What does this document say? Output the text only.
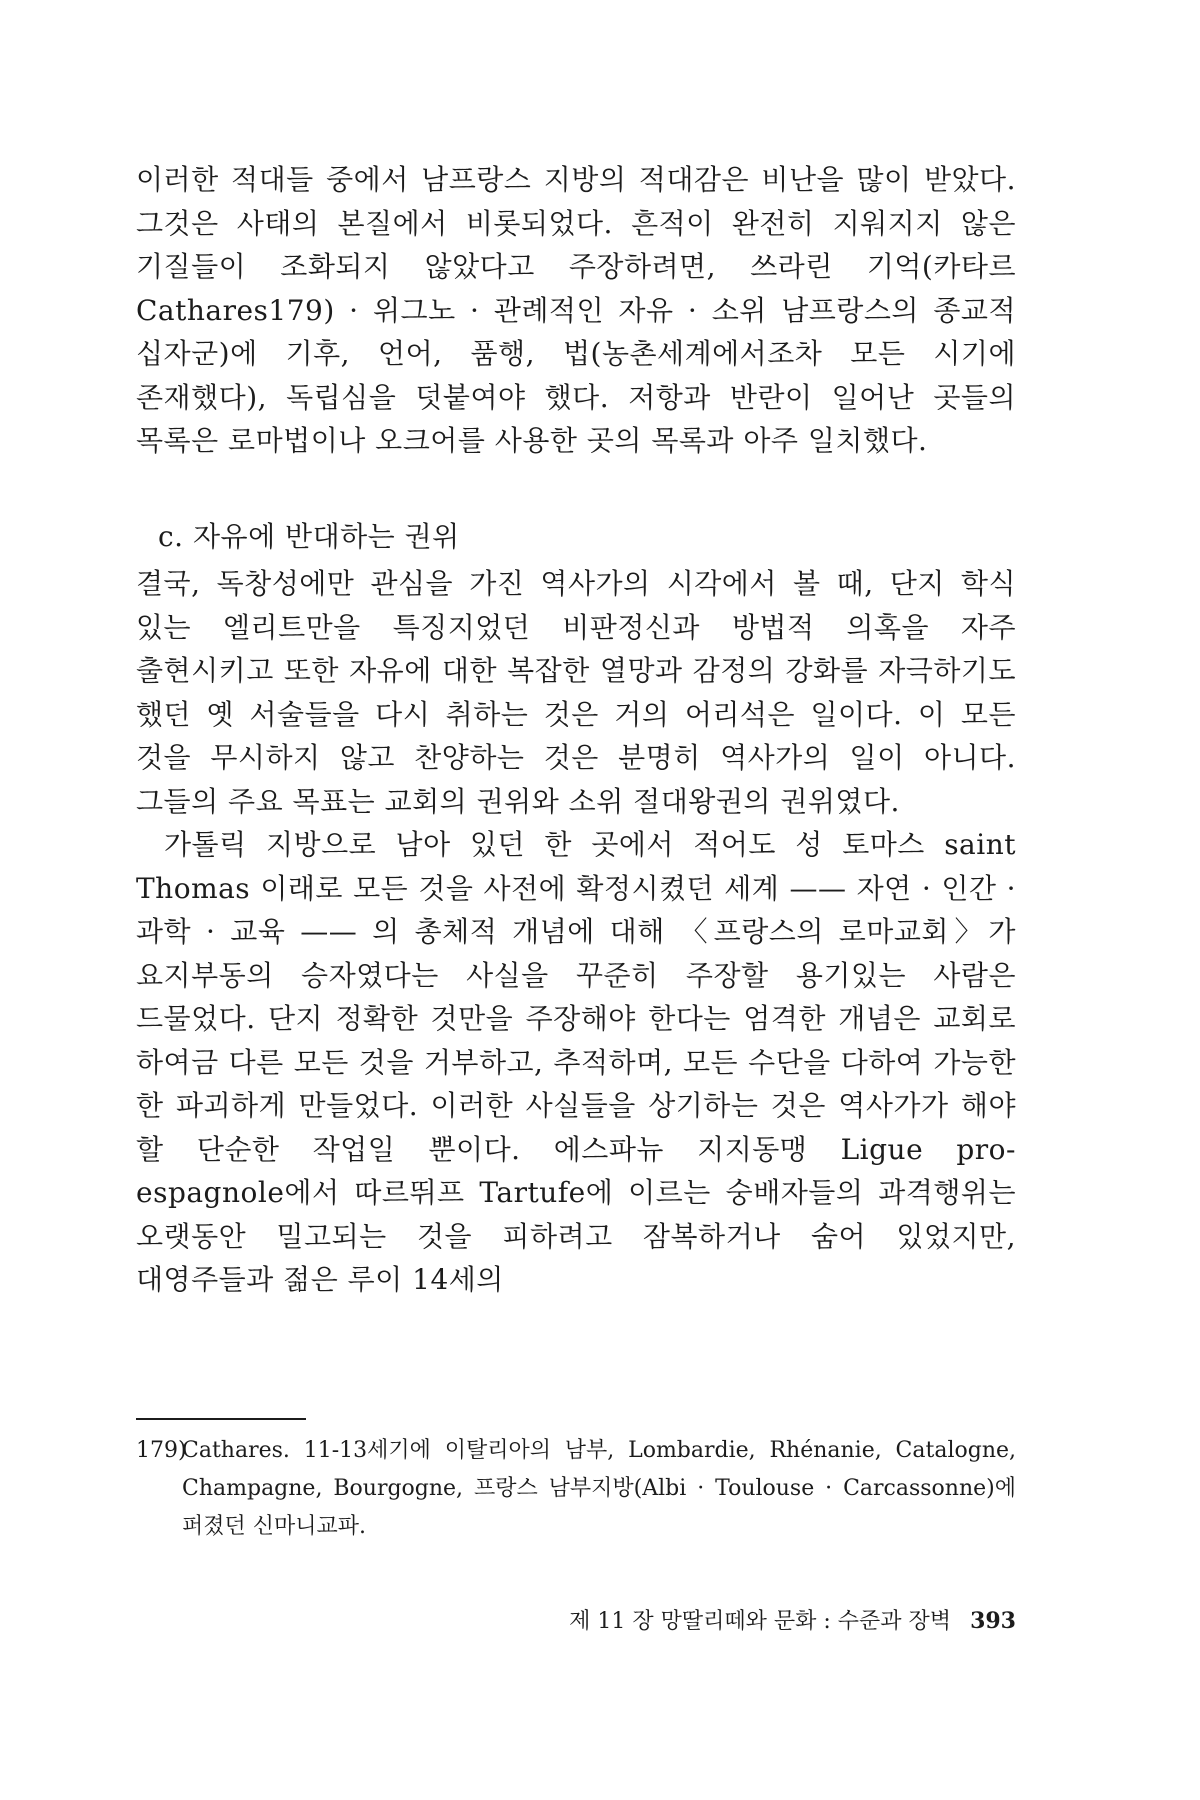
이러한 적대들 중에서 남프랑스 지방의 적대감은 비난을 많이 받았다. 그것은 사태의 본질에서 비롯되었다. 흔적이 완전히 지워지지 않은 기질들이 조화되지 않았다고 주장하려면, 쓰라린 기억(카타르 Cathares179) · 위그노 · 관례적인 자유 · 소위 남프랑스의 종교적 십자군)에 기후, 언어, 품행, 법(농촌세계에서조차 모든 시기에 존재했다), 독립심을 덧붙여야 했다. 저항과 반란이 일어난 곳들의 목록은 로마법이나 오크어를 사용한 곳의 목록과 아주 일치했다.

c. 자유에 반대하는 권위

결국, 독창성에만 관심을 가진 역사가의 시각에서 볼 때, 단지 학식 있는 엘리트만을 특징지었던 비판정신과 방법적 의혹을 자주 출현시키고 또한 자유에 대한 복잡한 열망과 감정의 강화를 자극하기도 했던 옛 서술들을 다시 취하는 것은 거의 어리석은 일이다. 이 모든 것을 무시하지 않고 찬양하는 것은 분명히 역사가의 일이 아니다. 그들의 주요 목표는 교회의 권위와 소위 절대왕권의 권위였다.

가톨릭 지방으로 남아 있던 한 곳에서 적어도 성 토마스 saint Thomas 이래로 모든 것을 사전에 확정시켰던 세계 —— 자연 · 인간 · 과학 · 교육 —— 의 총체적 개념에 대해 〈프랑스의 로마교회〉가 요지부동의 승자였다는 사실을 꾸준히 주장할 용기있는 사람은 드물었다. 단지 정확한 것만을 주장해야 한다는 엄격한 개념은 교회로 하여금 다른 모든 것을 거부하고, 추적하며, 모든 수단을 다하여 가능한 한 파괴하게 만들었다. 이러한 사실들을 상기하는 것은 역사가가 해야 할 단순한 작업일 뿐이다. 에스파뉴 지지동맹 Ligue pro-espagnole에서 따르뛰프 Tartufe에 이르는 숭배자들의 과격행위는 오랫동안 밀고되는 것을 피하려고 잠복하거나 숨어 있었지만, 대영주들과 젊은 루이 14세의

179)
Cathares. 11-13세기에 이탈리아의 남부, Lombardie, Rhénanie, Catalogne, Champagne, Bourgogne, 프랑스 남부지방(Albi · Toulouse · Carcassonne)에 퍼졌던 신마니교파.
제 11 장 망딸리떼와 문화 : 수준과 장벽 393
